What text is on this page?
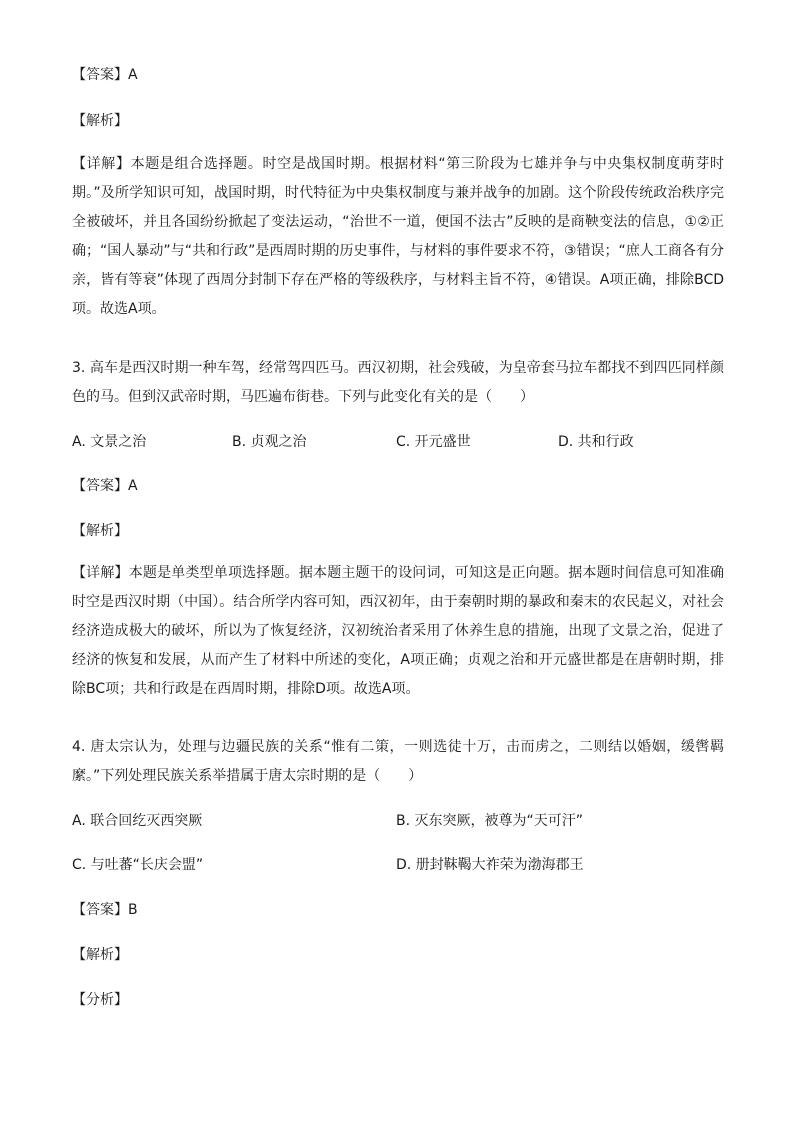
【答案】A
【解析】
【详解】本题是组合选择题。时空是战国时期。根据材料“第三阶段为七雄并争与中央集权制度萌芽时期。”及所学知识可知，战国时期，时代特征为中央集权制度与兼并战争的加剧。这个阶段传统政治秩序完全被破坏，并且各国纷纷掀起了变法运动，“治世不一道，便国不法古”反映的是商鞅变法的信息，①②正确；“国人暴动”与“共和行政”是西周时期的历史事件，与材料的事件要求不符，③错误；“庶人工商各有分亲，皆有等衰”体现了西周分封制下存在严格的等级秩序，与材料主旨不符，④错误。A项正确，排除BCD项。故选A项。
3. 高车是西汉时期一种车驾，经常驾四匹马。西汉初期，社会残破，为皇帝套马拉车都找不到四匹同样颜色的马。但到汉武帝时期，马匹遍布街巷。下列与此变化有关的是（　　）
A. 文景之治	B. 贞观之治	C. 开元盛世	D. 共和行政
【答案】A
【解析】
【详解】本题是单类型单项选择题。据本题主题干的设问词，可知这是正向题。据本题时间信息可知准确时空是西汉时期（中国）。结合所学内容可知，西汉初年，由于秦朝时期的暴政和秦末的农民起义，对社会经济造成极大的破坏，所以为了恢复经济，汉初统治者采用了休养生息的措施，出现了文景之治，促进了经济的恢复和发展，从而产生了材料中所述的变化，A项正确；贞观之治和开元盛世都是在唐朝时期，排除BC项；共和行政是在西周时期，排除D项。故选A项。
4. 唐太宗认为，处理与边疆民族的关系“惟有二策，一则选徒十万，击而虏之，二则结以婚姻，缓辔羁縻。”下列处理民族关系举措属于唐太宗时期的是（　　）
A. 联合回纥灭西突厥	B. 灭东突厥，被尊为“天可汗”
C. 与吐蕃“长庆会盟”	D. 册封靺鞨大祚荣为渤海郡王
【答案】B
【解析】
【分析】
